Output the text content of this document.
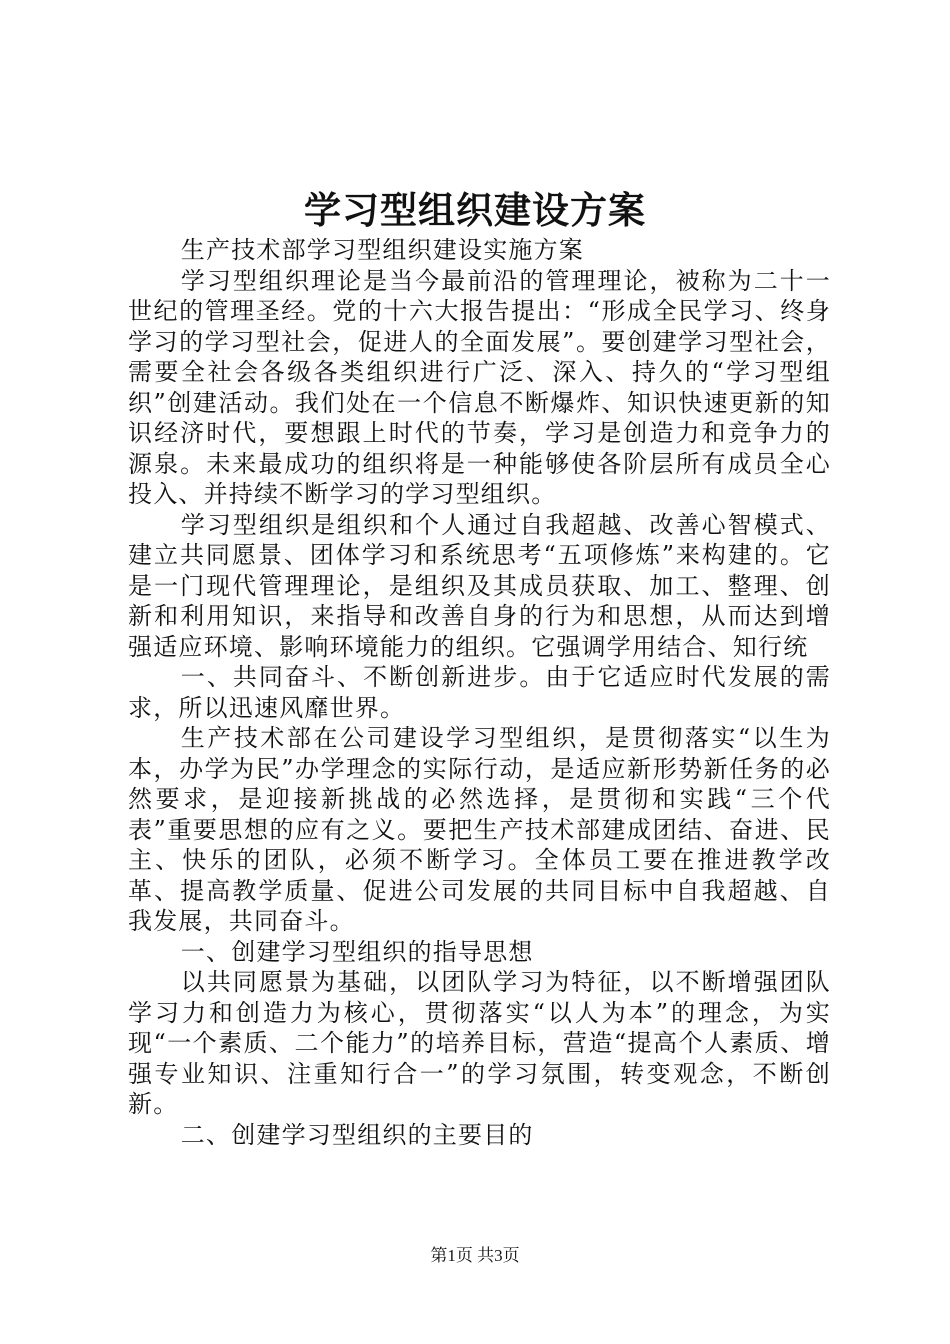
学习型组织建设方案

生产技术部学习型组织建设实施方案

学习型组织理论是当今最前沿的管理理论，被称为二十一世纪的管理圣经。党的十六大报告提出：“形成全民学习、终身学习的学习型社会，促进人的全面发展”。要创建学习型社会，需要全社会各级各类组织进行广泛、深入、持久的“学习型组织”创建活动。我们处在一个信息不断爆炸、知识快速更新的知识经济时代，要想跟上时代的节奏，学习是创造力和竞争力的源泉。未来最成功的组织将是一种能够使各阶层所有成员全心投入、并持续不断学习的学习型组织。

学习型组织是组织和个人通过自我超越、改善心智模式、建立共同愿景、团体学习和系统思考“五项修炼”来构建的。它是一门现代管理理论，是组织及其成员获取、加工、整理、创新和利用知识，来指导和改善自身的行为和思想，从而达到增强适应环境、影响环境能力的组织。它强调学用结合、知行统

一、共同奋斗、不断创新进步。由于它适应时代发展的需求，所以迅速风靡世界。

生产技术部在公司建设学习型组织，是贯彻落实“以生为本，办学为民”办学理念的实际行动，是适应新形势新任务的必然要求，是迎接新挑战的必然选择，是贯彻和实践“三个代表”重要思想的应有之义。要把生产技术部建成团结、奋进、民主、快乐的团队，必须不断学习。全体员工要在推进教学改革、提高教学质量、促进公司发展的共同目标中自我超越、自我发展，共同奋斗。

一、创建学习型组织的指导思想

以共同愿景为基础，以团队学习为特征，以不断增强团队学习力和创造力为核心，贯彻落实“以人为本”的理念，为实现“一个素质、二个能力”的培养目标，营造“提高个人素质、增强专业知识、注重知行合一”的学习氛围，转变观念，不断创新。

二、创建学习型组织的主要目的

第1页 共3页
